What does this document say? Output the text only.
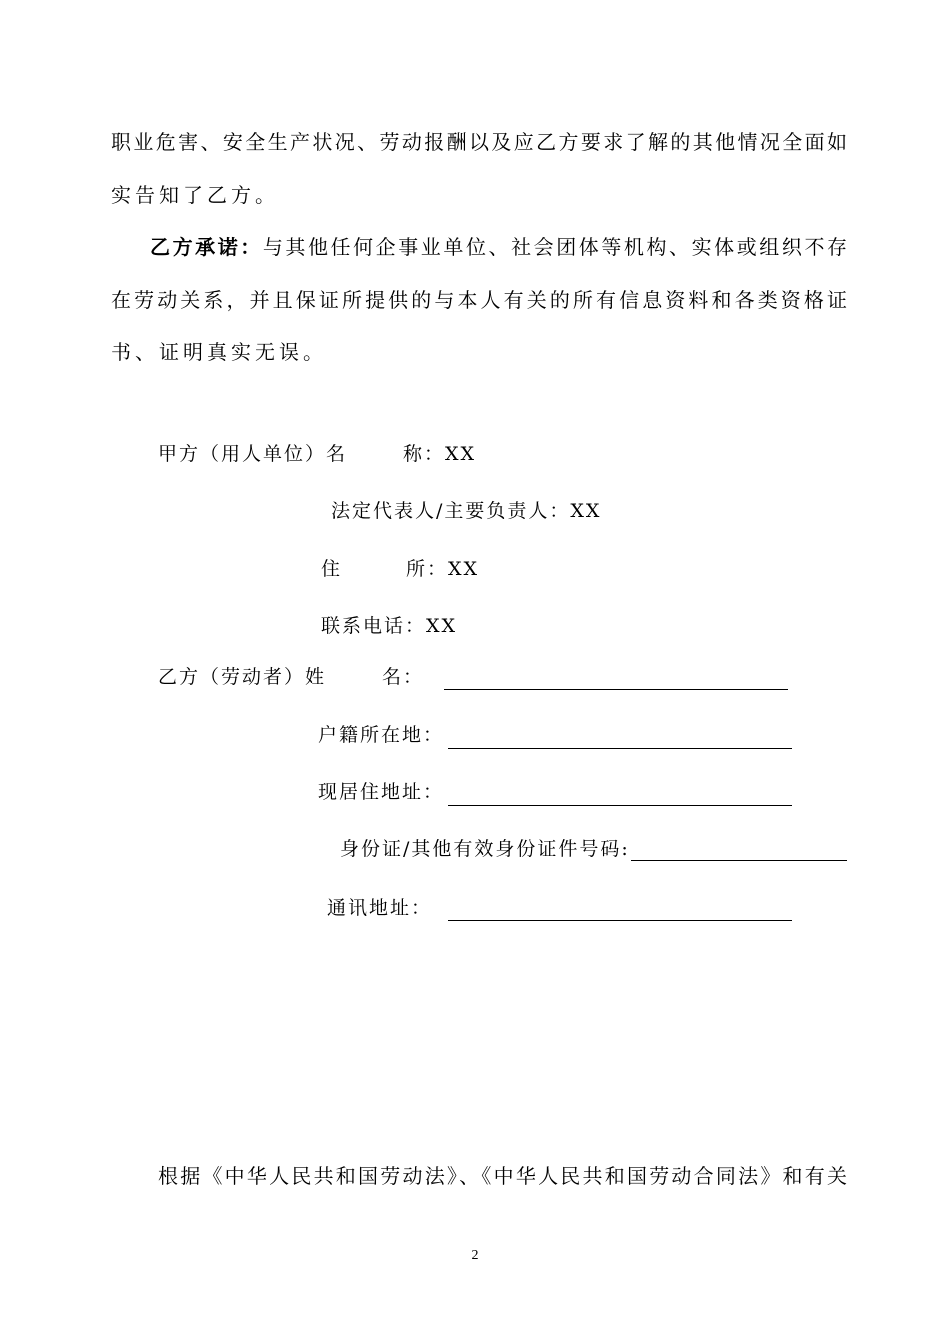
职业危害、安全生产状况、劳动报酬以及应乙方要求了解的其他情况全面如
实告知了乙方。
乙方承诺：与其他任何企事业单位、社会团体等机构、实体或组织不存
在劳动关系，并且保证所提供的与本人有关的所有信息资料和各类资格证
书、证明真实无误。
甲方（用人单位）名	称：XX
法定代表人/主要负责人：XX
住	所：XX
联系电话：XX
乙方（劳动者）姓	名：
户籍所在地：
现居住地址：
身份证/其他有效身份证件号码:
通讯地址：
根据《中华人民共和国劳动法》、《中华人民共和国劳动合同法》和有关
2
